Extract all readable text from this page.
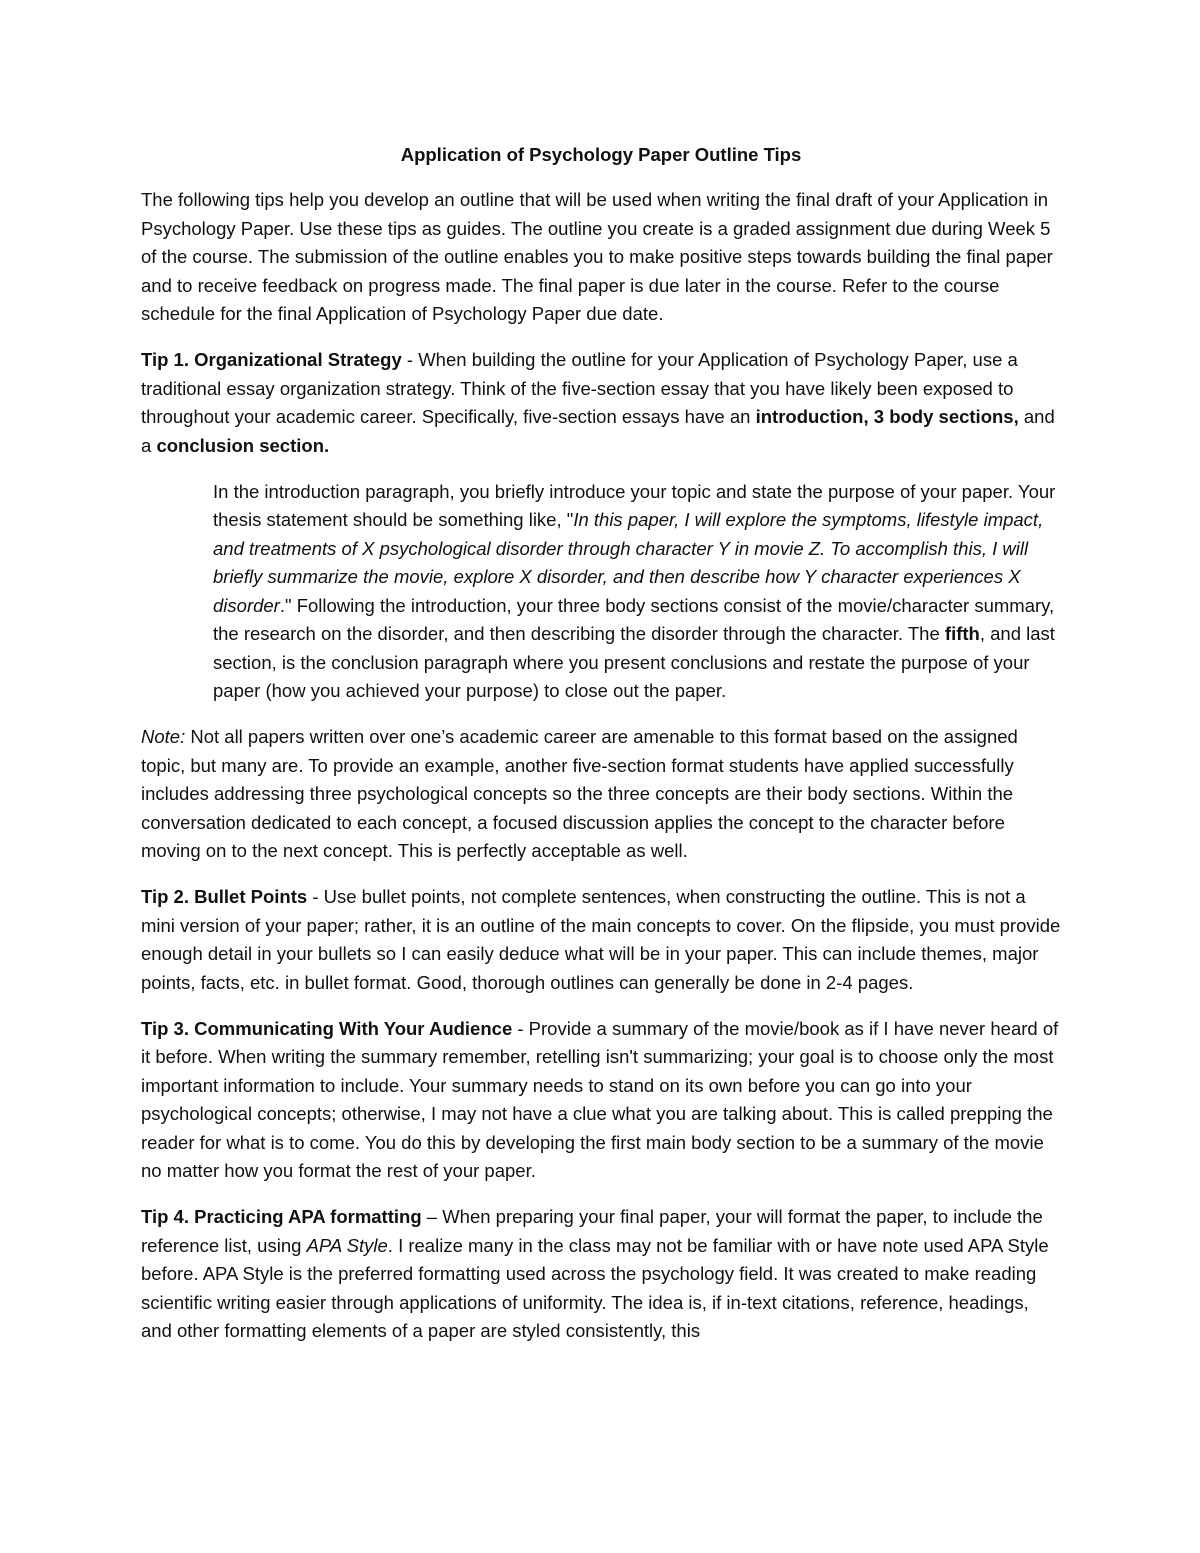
Application of Psychology Paper Outline Tips

The following tips help you develop an outline that will be used when writing the final draft of your Application in Psychology Paper. Use these tips as guides. The outline you create is a graded assignment due during Week 5 of the course. The submission of the outline enables you to make positive steps towards building the final paper and to receive feedback on progress made. The final paper is due later in the course. Refer to the course schedule for the final Application of Psychology Paper due date.

Tip 1. Organizational Strategy - When building the outline for your Application of Psychology Paper, use a traditional essay organization strategy. Think of the five-section essay that you have likely been exposed to throughout your academic career. Specifically, five-section essays have an introduction, 3 body sections, and a conclusion section.

In the introduction paragraph, you briefly introduce your topic and state the purpose of your paper. Your thesis statement should be something like, "In this paper, I will explore the symptoms, lifestyle impact, and treatments of X psychological disorder through character Y in movie Z. To accomplish this, I will briefly summarize the movie, explore X disorder, and then describe how Y character experiences X disorder." Following the introduction, your three body sections consist of the movie/character summary, the research on the disorder, and then describing the disorder through the character. The fifth, and last section, is the conclusion paragraph where you present conclusions and restate the purpose of your paper (how you achieved your purpose) to close out the paper.

Note: Not all papers written over one’s academic career are amenable to this format based on the assigned topic, but many are. To provide an example, another five-section format students have applied successfully includes addressing three psychological concepts so the three concepts are their body sections. Within the conversation dedicated to each concept, a focused discussion applies the concept to the character before moving on to the next concept. This is perfectly acceptable as well.

Tip 2. Bullet Points - Use bullet points, not complete sentences, when constructing the outline. This is not a mini version of your paper; rather, it is an outline of the main concepts to cover. On the flipside, you must provide enough detail in your bullets so I can easily deduce what will be in your paper. This can include themes, major points, facts, etc. in bullet format. Good, thorough outlines can generally be done in 2-4 pages.

Tip 3. Communicating With Your Audience - Provide a summary of the movie/book as if I have never heard of it before. When writing the summary remember, retelling isn't summarizing; your goal is to choose only the most important information to include. Your summary needs to stand on its own before you can go into your psychological concepts; otherwise, I may not have a clue what you are talking about. This is called prepping the reader for what is to come. You do this by developing the first main body section to be a summary of the movie no matter how you format the rest of your paper.

Tip 4. Practicing APA formatting – When preparing your final paper, your will format the paper, to include the reference list, using APA Style. I realize many in the class may not be familiar with or have note used APA Style before. APA Style is the preferred formatting used across the psychology field. It was created to make reading scientific writing easier through applications of uniformity. The idea is, if in-text citations, reference, headings, and other formatting elements of a paper are styled consistently, this
